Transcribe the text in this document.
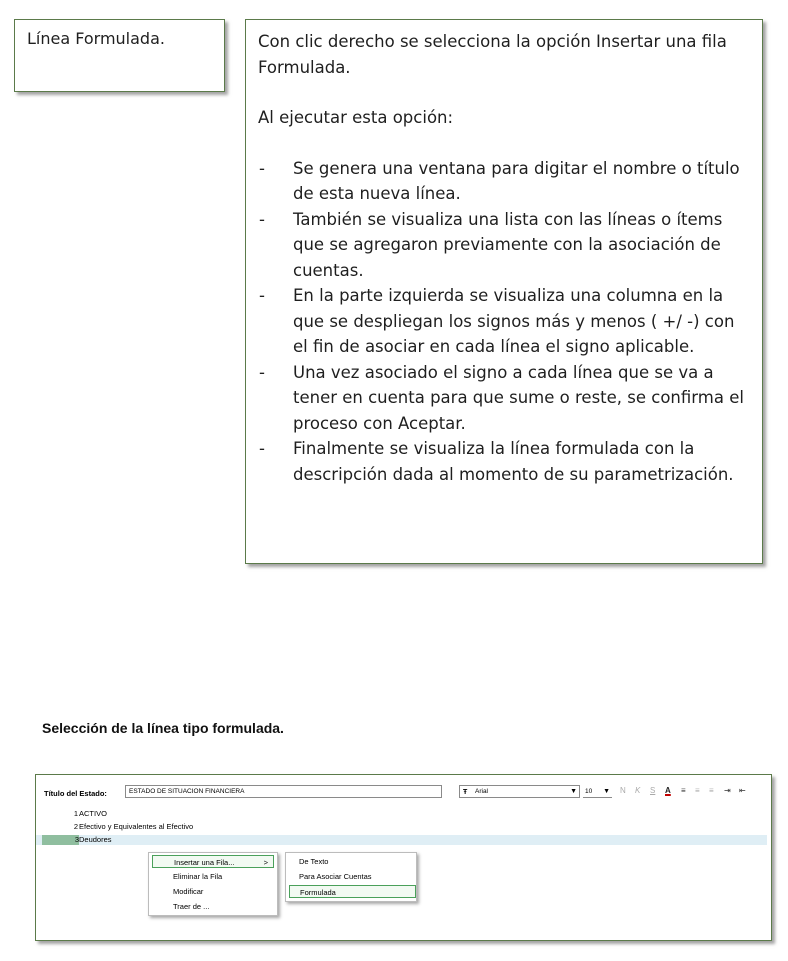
Línea Formulada.	Con clic derecho se selecciona la opción Insertar una fila Formulada.

Al ejecutar esta opción:

- Se genera una ventana para digitar el nombre o título de esta nueva línea.
- También se visualiza una lista con las líneas o ítems que se agregaron previamente con la asociación de cuentas.
- En la parte izquierda se visualiza una columna en la que se despliegan los signos más y menos ( +/ -) con el fin de asociar en cada línea el signo aplicable.
- Una vez asociado el signo a cada línea que se va a tener en cuenta para que sume o reste, se confirma el proceso con Aceptar.
- Finalmente se visualiza la línea formulada con la descripción dada al momento de su parametrización.
Selección de la línea tipo formulada.
Título del Estado:	ESTADO DE SITUACION FINANCIERA	Ŧ Arial	▼	10 ▼ N K S A ≡ ≡ ≡ ⇥ ⇤
1 ACTIVO
2 Efectivo y Equivalentes al Efectivo
3 Deudores
Insertar una Fila...	>
Eliminar la Fila
Modificar
Traer de ...
De Texto
Para Asociar Cuentas
Formulada
